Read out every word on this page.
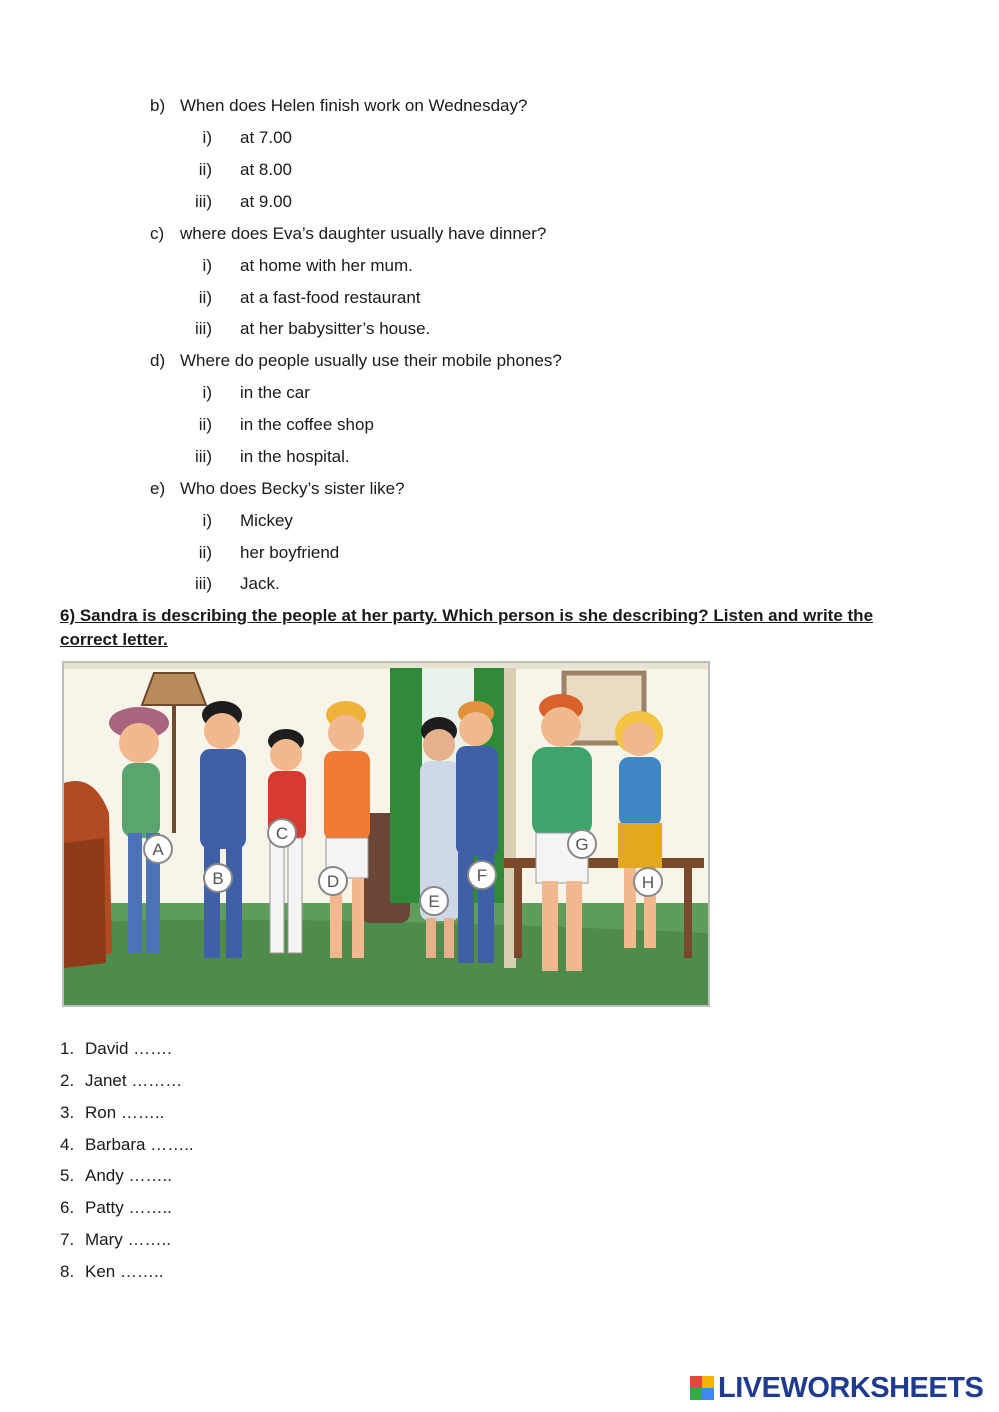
b) When does Helen finish work on Wednesday?
i) at 7.00
ii) at 8.00
iii) at 9.00
c) where does Eva’s daughter usually have dinner?
i) at home with her mum.
ii) at a fast-food restaurant
iii) at her babysitter’s house.
d) Where do people usually use their mobile phones?
i) in the car
ii) in the coffee shop
iii) in the hospital.
e) Who does Becky’s sister like?
i) Mickey
ii) her boyfriend
iii) Jack.
6) Sandra is describing the people at her party. Which person is she describing? Listen and write the correct letter.
A
B
C
D
E
F
G
H
1. David …….
2. Janet ………
3. Ron ……..
4. Barbara ……..
5. Andy ……..
6. Patty ……..
7. Mary ……..
8. Ken ……..
LIVEWORKSHEETS
